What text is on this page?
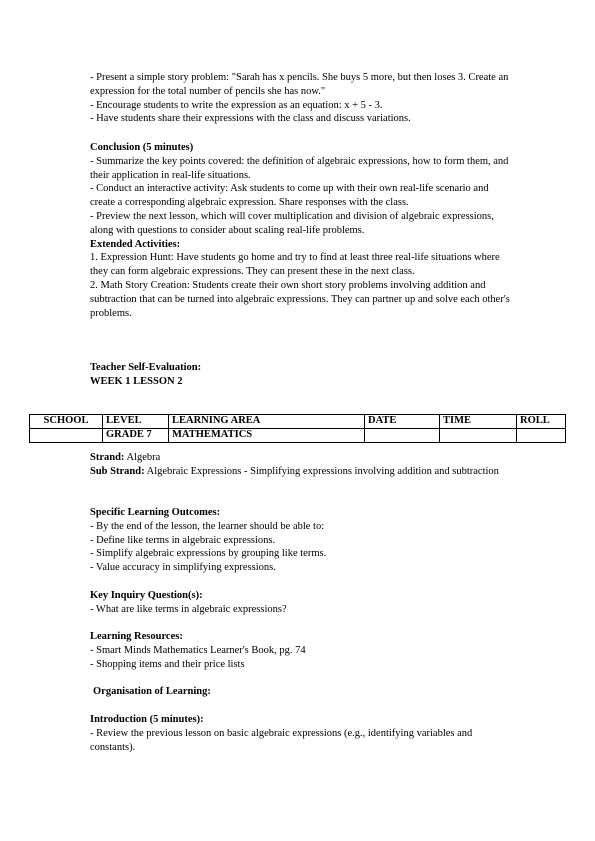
- Present a simple story problem: "Sarah has x pencils. She buys 5 more, but then loses 3. Create an expression for the total number of pencils she has now."

- Encourage students to write the expression as an equation: x + 5 - 3.

- Have students share their expressions with the class and discuss variations.

Conclusion (5 minutes)

- Summarize the key points covered: the definition of algebraic expressions, how to form them, and their application in real-life situations.

- Conduct an interactive activity: Ask students to come up with their own real-life scenario and create a corresponding algebraic expression. Share responses with the class.

- Preview the next lesson, which will cover multiplication and division of algebraic expressions, along with questions to consider about scaling real-life problems.

Extended Activities:

1. Expression Hunt: Have students go home and try to find at least three real-life situations where they can form algebraic expressions. They can present these in the next class.

2. Math Story Creation: Students create their own short story problems involving addition and subtraction that can be turned into algebraic expressions. They can partner up and solve each other's problems.

Teacher Self-Evaluation:

WEEK 1 LESSON 2

SCHOOL	LEVEL	LEARNING AREA	DATE	TIME	ROLL
	GRADE 7	MATHEMATICS			

Strand: Algebra

Sub Strand: Algebraic Expressions - Simplifying expressions involving addition and subtraction

Specific Learning Outcomes:

- By the end of the lesson, the learner should be able to:

- Define like terms in algebraic expressions.

- Simplify algebraic expressions by grouping like terms.

- Value accuracy in simplifying expressions.

Key Inquiry Question(s):

- What are like terms in algebraic expressions?

Learning Resources:

- Smart Minds Mathematics Learner's Book, pg. 74

- Shopping items and their price lists

Organisation of Learning:

Introduction (5 minutes):

- Review the previous lesson on basic algebraic expressions (e.g., identifying variables and constants).
